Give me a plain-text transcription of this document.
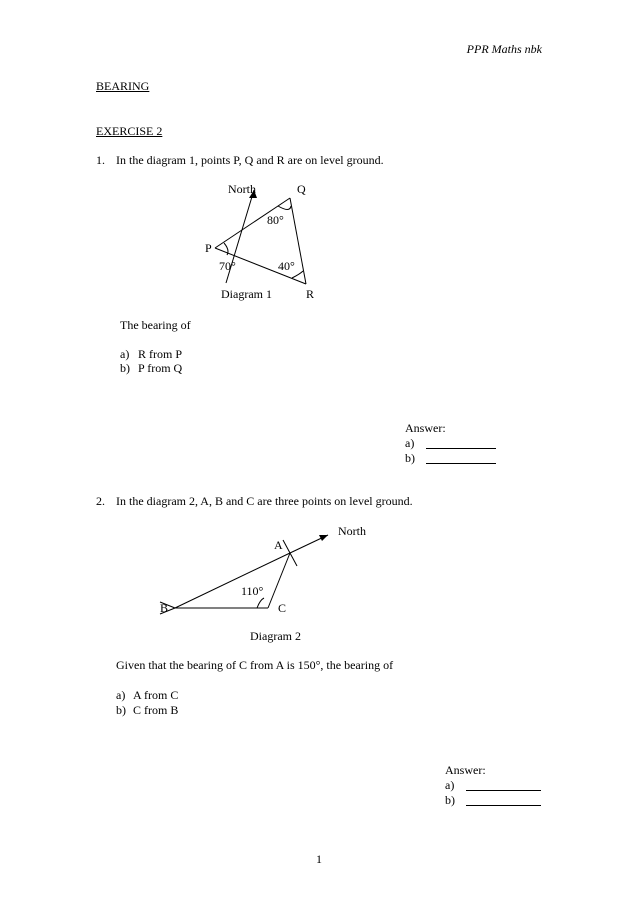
PPR Maths nbk
BEARING
EXERCISE 2
1. In the diagram 1, points P, Q and R are on level ground.
North	Q
80°
P
70°	40°
Diagram 1	R
The bearing of
a) R from P
b) P from Q
Answer:
a)
b)
2. In the diagram 2, A, B and C are three points on level ground.
North
A
110°
B	C
Diagram 2
Given that the bearing of C from A is 150°, the bearing of
a) A from C
b) C from B
Answer:
a)
b)
1
